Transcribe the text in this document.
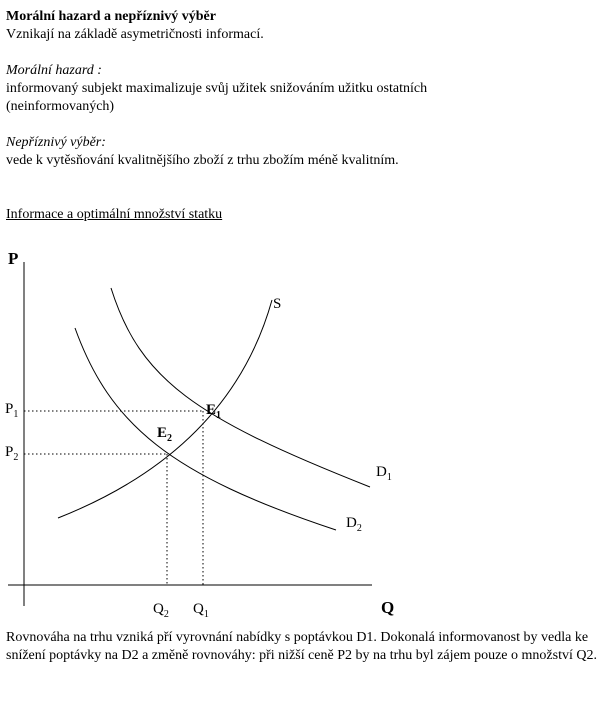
Morální hazard a nepříznivý výběr

Vznikají na základě asymetričnosti informací.

Morální hazard :

informovaný subjekt maximalizuje svůj užitek snižováním užitku ostatních

(neinformovaných)

Nepříznivý výběr:

vede k vytěsňování kvalitnějšího zboží z trhu zbožím méně kvalitním.

Informace a optimální množství statku

P
Q
$P_1$
$P_2$
$Q_2$ $Q_1$
S
$D_1$
$D_2$
$E_1$
$E_2$

Rovnováha na trhu vzniká pří vyrovnání nabídky s poptávkou D1. Dokonalá informovanost by vedla ke snížení poptávky na D2 a změně rovnováhy: při nižší ceně P2 by na trhu byl zájem pouze o množství Q2.
